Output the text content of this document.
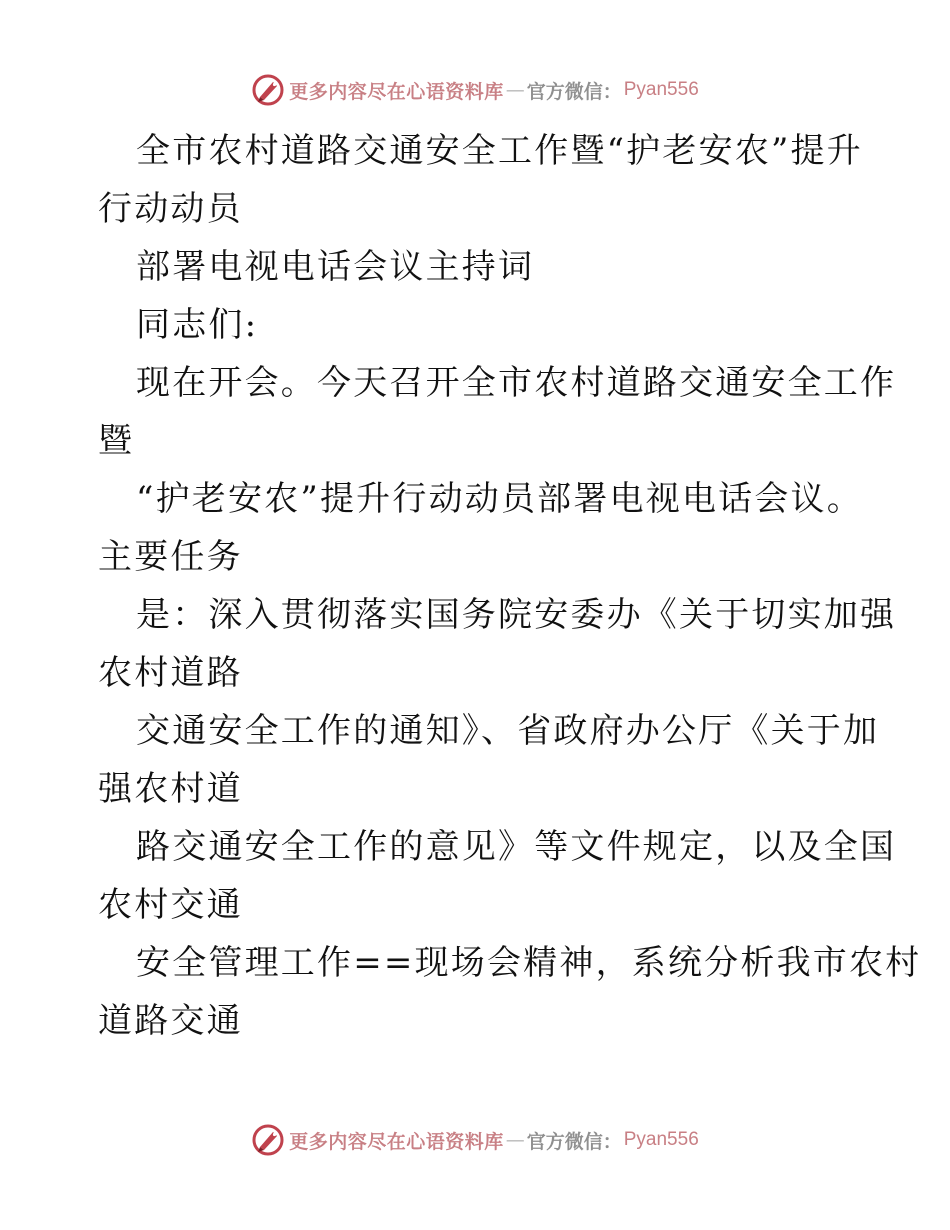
更多内容尽在心语资料库 — 官方微信： Pyan556
全市农村道路交通安全工作暨“护老安农”提升
行动动员
部署电视电话会议主持词
同志们:
现在开会。今天召开全市农村道路交通安全工作
暨
“护老安农”提升行动动员部署电视电话会议。
主要任务
是：深入贯彻落实国务院安委办《关于切实加强
农村道路
交通安全工作的通知》、省政府办公厅《关于加
强农村道
路交通安全工作的意见》等文件规定，以及全国
农村交通
安全管理工作==现场会精神，系统分析我市农村
道路交通
更多内容尽在心语资料库 — 官方微信： Pyan556
